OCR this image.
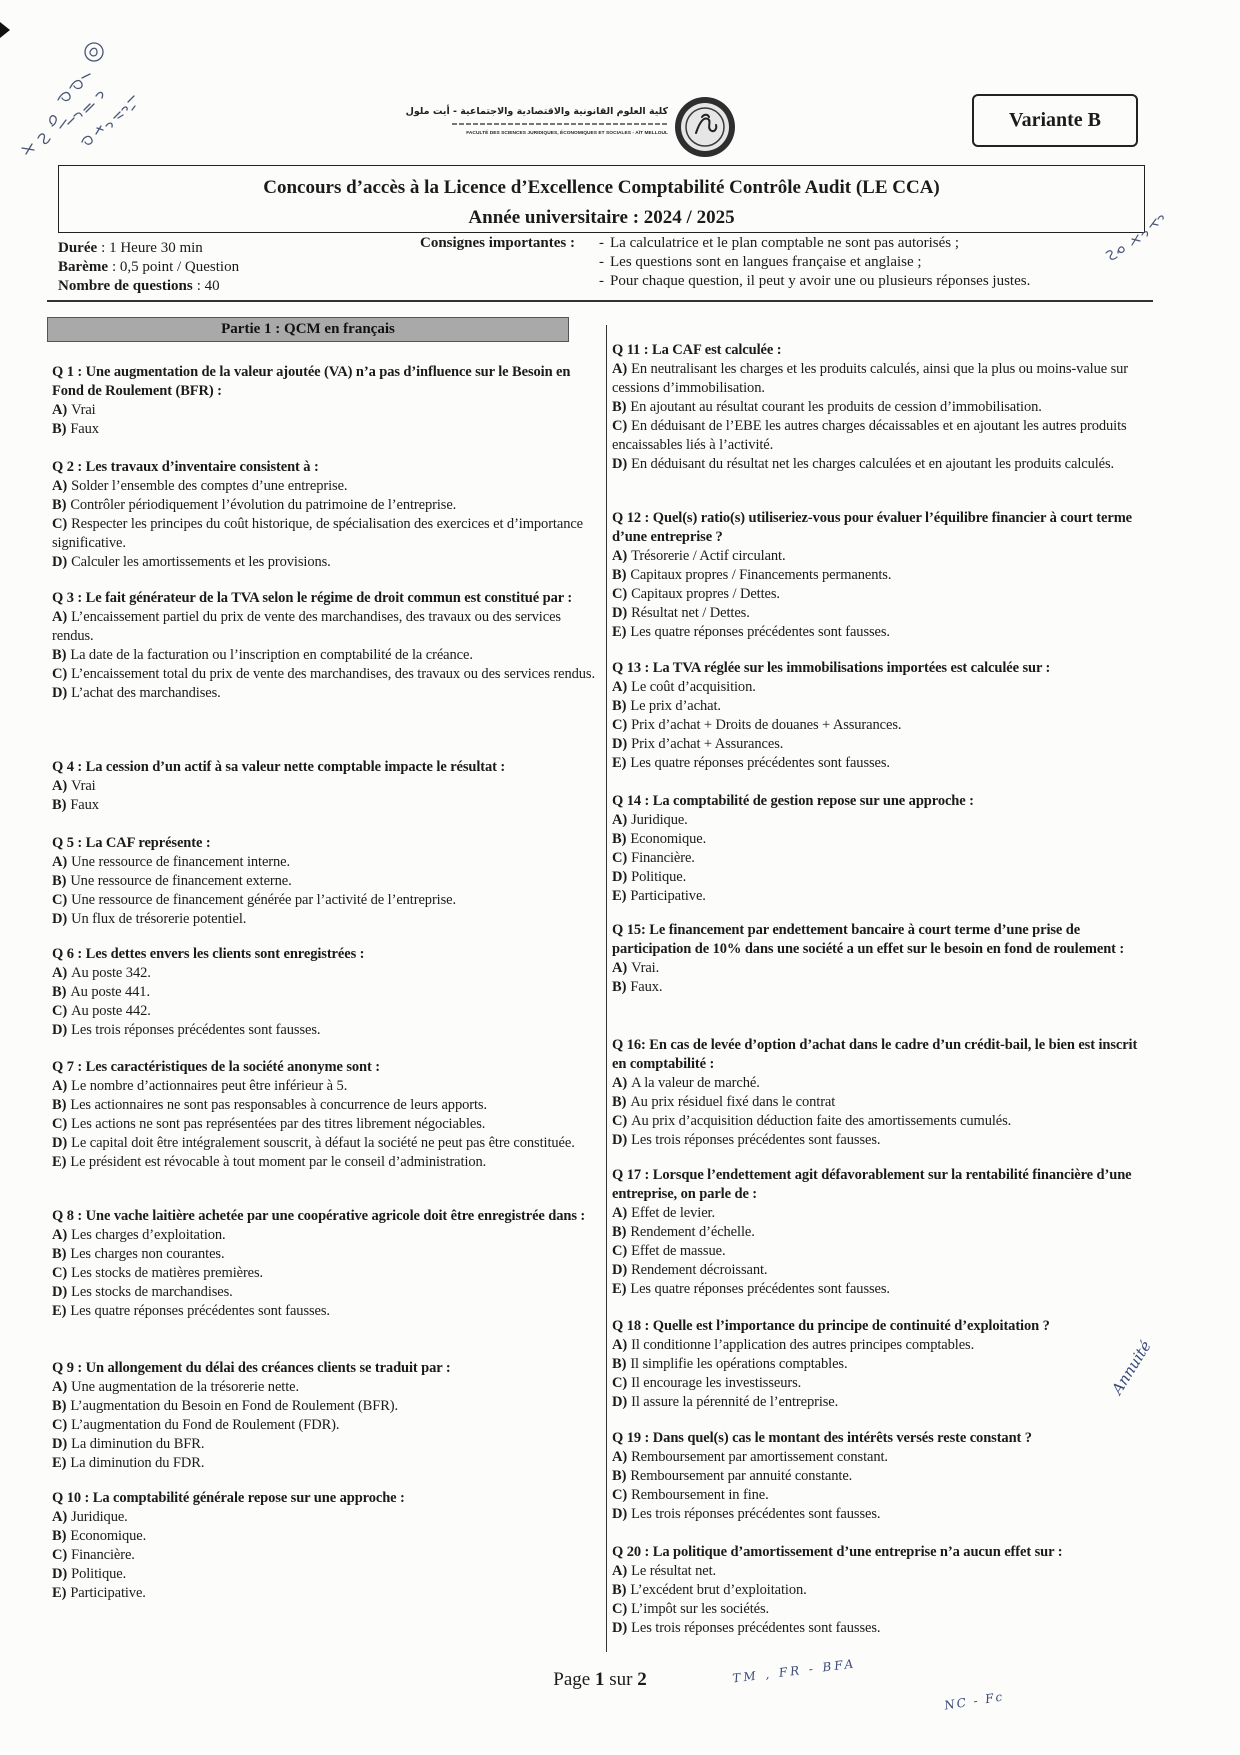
كلية العلوم القانونية والاقتصادية والاجتماعية - أيت ملول
FACULTÉ DES SCIENCES JURIDIQUES, ÉCONOMIQUES ET SOCIALES - AÏT MELLOUL
Variante B
Concours d’accès à la Licence d’Excellence Comptabilité Contrôle Audit (LE CCA)
Année universitaire : 2024 / 2025
Durée : 1 Heure 30 min
Barème : 0,5 point / Question
Nombre de questions : 40
Consignes importantes : - La calculatrice et le plan comptable ne sont pas autorisés ;
- Les questions sont en langues française et anglaise ;
- Pour chaque question, il peut y avoir une ou plusieurs réponses justes.
Partie 1 : QCM en français
Q 1 : Une augmentation de la valeur ajoutée (VA) n’a pas d’influence sur le Besoin en Fond de Roulement (BFR) :
A) Vrai
B) Faux
Q 2 : Les travaux d’inventaire consistent à :
A) Solder l’ensemble des comptes d’une entreprise.
B) Contrôler périodiquement l’évolution du patrimoine de l’entreprise.
C) Respecter les principes du coût historique, de spécialisation des exercices et d’importance significative.
D) Calculer les amortissements et les provisions.
Q 3 : Le fait générateur de la TVA selon le régime de droit commun est constitué par :
A) L’encaissement partiel du prix de vente des marchandises, des travaux ou des services rendus.
B) La date de la facturation ou l’inscription en comptabilité de la créance.
C) L’encaissement total du prix de vente des marchandises, des travaux ou des services rendus.
D) L’achat des marchandises.
Q 4 : La cession d’un actif à sa valeur nette comptable impacte le résultat :
A) Vrai
B) Faux
Q 5 : La CAF représente :
A) Une ressource de financement interne.
B) Une ressource de financement externe.
C) Une ressource de financement générée par l’activité de l’entreprise.
D) Un flux de trésorerie potentiel.
Q 6 : Les dettes envers les clients sont enregistrées :
A) Au poste 342.
B) Au poste 441.
C) Au poste 442.
D) Les trois réponses précédentes sont fausses.
Q 7 : Les caractéristiques de la société anonyme sont :
A) Le nombre d’actionnaires peut être inférieur à 5.
B) Les actionnaires ne sont pas responsables à concurrence de leurs apports.
C) Les actions ne sont pas représentées par des titres librement négociables.
D) Le capital doit être intégralement souscrit, à défaut la société ne peut pas être constituée.
E) Le président est révocable à tout moment par le conseil d’administration.
Q 8 : Une vache laitière achetée par une coopérative agricole doit être enregistrée dans :
A) Les charges d’exploitation.
B) Les charges non courantes.
C) Les stocks de matières premières.
D) Les stocks de marchandises.
E) Les quatre réponses précédentes sont fausses.
Q 9 : Un allongement du délai des créances clients se traduit par :
A) Une augmentation de la trésorerie nette.
B) L’augmentation du Besoin en Fond de Roulement (BFR).
C) L’augmentation du Fond de Roulement (FDR).
D) La diminution du BFR.
E) La diminution du FDR.
Q 10 : La comptabilité générale repose sur une approche :
A) Juridique.
B) Economique.
C) Financière.
D) Politique.
E) Participative.
Q 11 : La CAF est calculée :
A) En neutralisant les charges et les produits calculés, ainsi que la plus ou moins-value sur cessions d’immobilisation.
B) En ajoutant au résultat courant les produits de cession d’immobilisation.
C) En déduisant de l’EBE les autres charges décaissables et en ajoutant les autres produits encaissables liés à l’activité.
D) En déduisant du résultat net les charges calculées et en ajoutant les produits calculés.
Q 12 : Quel(s) ratio(s) utiliseriez-vous pour évaluer l’équilibre financier à court terme d’une entreprise ?
A) Trésorerie / Actif circulant.
B) Capitaux propres / Financements permanents.
C) Capitaux propres / Dettes.
D) Résultat net / Dettes.
E) Les quatre réponses précédentes sont fausses.
Q 13 : La TVA réglée sur les immobilisations importées est calculée sur :
A) Le coût d’acquisition.
B) Le prix d’achat.
C) Prix d’achat + Droits de douanes + Assurances.
D) Prix d’achat + Assurances.
E) Les quatre réponses précédentes sont fausses.
Q 14 : La comptabilité de gestion repose sur une approche :
A) Juridique.
B) Economique.
C) Financière.
D) Politique.
E) Participative.
Q 15: Le financement par endettement bancaire à court terme d’une prise de participation de 10% dans une société a un effet sur le besoin en fond de roulement :
A) Vrai.
B) Faux.
Q 16: En cas de levée d’option d’achat dans le cadre d’un crédit-bail, le bien est inscrit en comptabilité :
A) A la valeur de marché.
B) Au prix résiduel fixé dans le contrat
C) Au prix d’acquisition déduction faite des amortissements cumulés.
D) Les trois réponses précédentes sont fausses.
Q 17 : Lorsque l’endettement agit défavorablement sur la rentabilité financière d’une entreprise, on parle de :
A) Effet de levier.
B) Rendement d’échelle.
C) Effet de massue.
D) Rendement décroissant.
E) Les quatre réponses précédentes sont fausses.
Q 18 : Quelle est l’importance du principe de continuité d’exploitation ?
A) Il conditionne l’application des autres principes comptables.
B) Il simplifie les opérations comptables.
C) Il encourage les investisseurs.
D) Il assure la pérennité de l’entreprise.
Q 19 : Dans quel(s) cas le montant des intérêts versés reste constant ?
A) Remboursement par amortissement constant.
B) Remboursement par annuité constante.
C) Remboursement in fine.
D) Les trois réponses précédentes sont fausses.
Q 20 : La politique d’amortissement d’une entreprise n’a aucun effet sur :
A) Le résultat net.
B) L’excédent brut d’exploitation.
C) L’impôt sur les sociétés.
D) Les trois réponses précédentes sont fausses.
Annuité
TM , FR - BFA
NC - Fc
Page 1 sur 2
